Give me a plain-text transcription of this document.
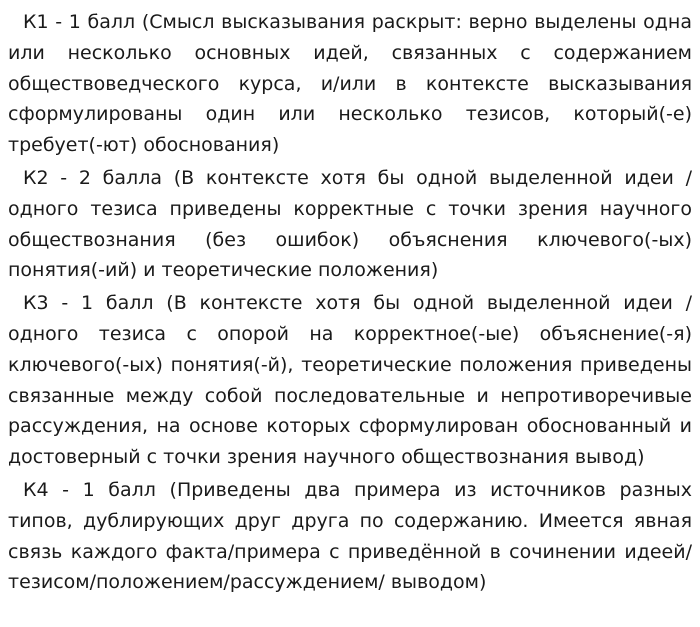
К1 - 1 балл (Смысл высказывания раскрыт: верно выделены одна или несколько основных идей, связанных с содержанием обществоведческого курса, и/или в контексте высказывания сформулированы один или несколько тезисов, который(-е) требует(-ют) обоснования)

К2 - 2 балла (В контексте хотя бы одной выделенной идеи / одного тезиса приведены корректные с точки зрения научного обществознания (без ошибок) объяснения ключевого(-ых) понятия(-ий) и теоретические положения)

К3 - 1 балл (В контексте хотя бы одной выделенной идеи / одного тезиса с опорой на корректное(-ые) объяснение(-я) ключевого(-ых) понятия(-й), теоретические положения приведены связанные между собой последовательные и непротиворечивые рассуждения, на основе которых сформулирован обоснованный и достоверный с точки зрения научного обществознания вывод)

К4 - 1 балл (Приведены два примера из источников разных типов, дублирующих друг друга по содержанию. Имеется явная связь каждого факта/примера с приведённой в сочинении идеей/тезисом/положением/рассуждением/ выводом)
